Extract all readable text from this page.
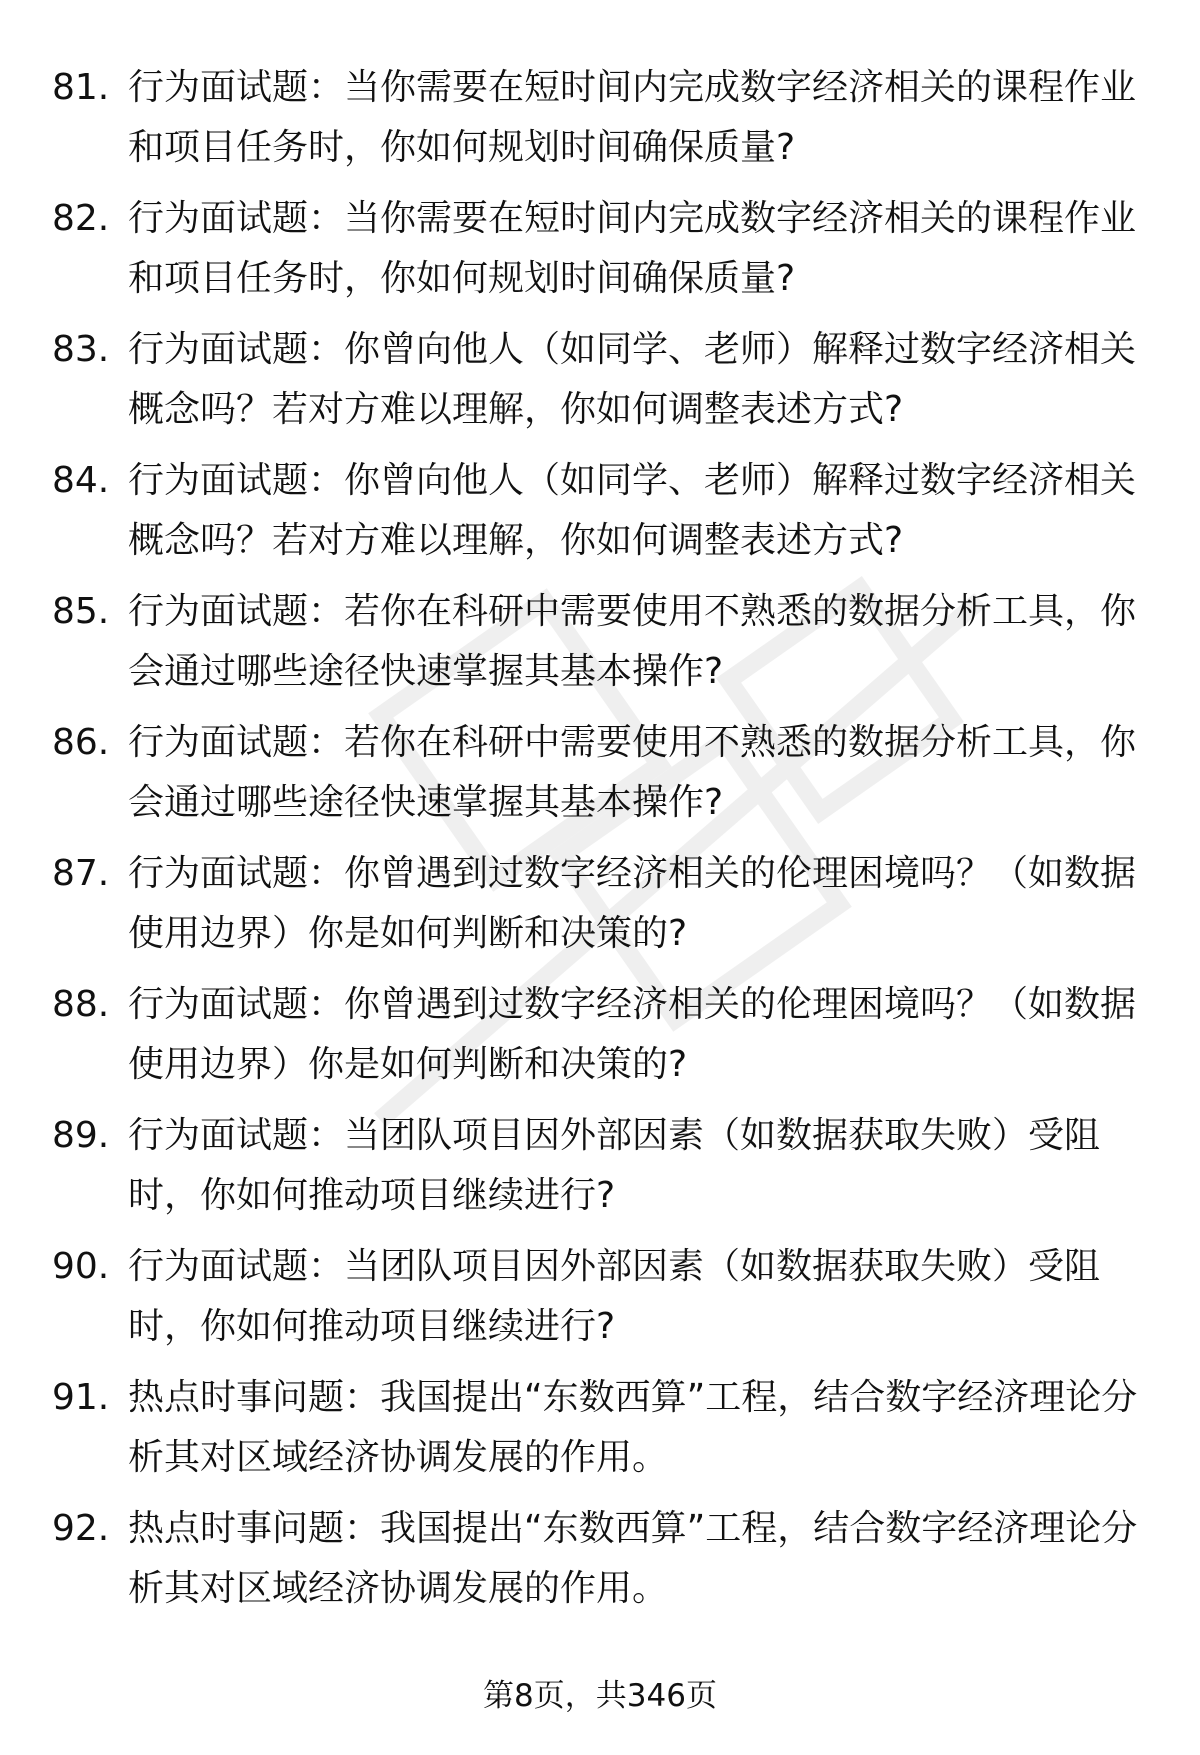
81. 行为面试题：当你需要在短时间内完成数字经济相关的课程作业和项目任务时，你如何规划时间确保质量?
82. 行为面试题：当你需要在短时间内完成数字经济相关的课程作业和项目任务时，你如何规划时间确保质量?
83. 行为面试题：你曾向他人（如同学、老师）解释过数字经济相关概念吗？若对方难以理解，你如何调整表述方式?
84. 行为面试题：你曾向他人（如同学、老师）解释过数字经济相关概念吗？若对方难以理解，你如何调整表述方式?
85. 行为面试题：若你在科研中需要使用不熟悉的数据分析工具，你会通过哪些途径快速掌握其基本操作?
86. 行为面试题：若你在科研中需要使用不熟悉的数据分析工具，你会通过哪些途径快速掌握其基本操作?
87. 行为面试题：你曾遇到过数字经济相关的伦理困境吗？（如数据使用边界）你是如何判断和决策的?
88. 行为面试题：你曾遇到过数字经济相关的伦理困境吗？（如数据使用边界）你是如何判断和决策的?
89. 行为面试题：当团队项目因外部因素（如数据获取失败）受阻时，你如何推动项目继续进行?
90. 行为面试题：当团队项目因外部因素（如数据获取失败）受阻时，你如何推动项目继续进行?
91. 热点时事问题：我国提出“东数西算”工程，结合数字经济理论分析其对区域经济协调发展的作用。
92. 热点时事问题：我国提出“东数西算”工程，结合数字经济理论分析其对区域经济协调发展的作用。
第8页，共346页
